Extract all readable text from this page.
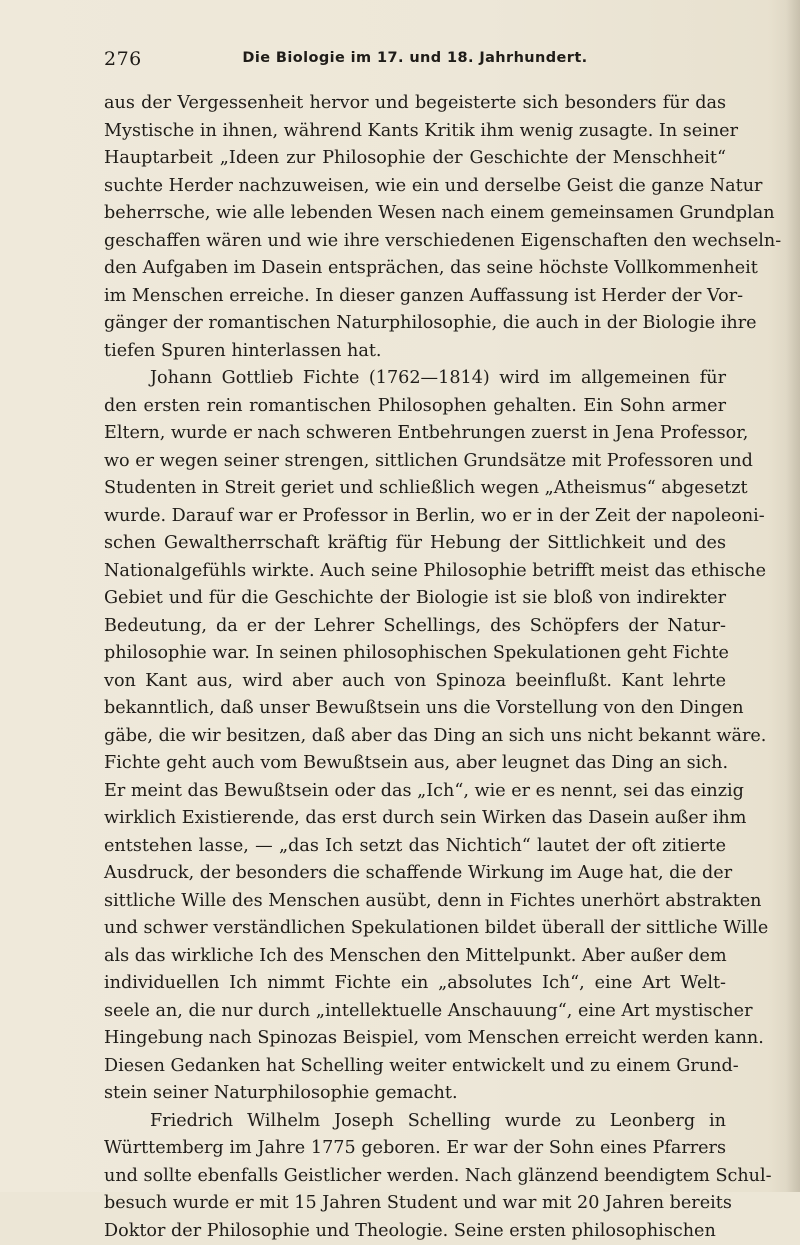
276	Die Biologie im 17. und 18. Jahrhundert.
aus der Vergessenheit hervor und begeisterte sich besonders für das
Mystische in ihnen, während Kants Kritik ihm wenig zusagte. In seiner
Hauptarbeit „Ideen zur Philosophie der Geschichte der Menschheit“
suchte Herder nachzuweisen, wie ein und derselbe Geist die ganze Natur
beherrsche, wie alle lebenden Wesen nach einem gemeinsamen Grundplan
geschaffen wären und wie ihre verschiedenen Eigenschaften den wechseln-
den Aufgaben im Dasein entsprächen, das seine höchste Vollkommenheit
im Menschen erreiche. In dieser ganzen Auffassung ist Herder der Vor-
gänger der romantischen Naturphilosophie, die auch in der Biologie ihre
tiefen Spuren hinterlassen hat.
Johann Gottlieb Fichte (1762—1814) wird im allgemeinen für
den ersten rein romantischen Philosophen gehalten. Ein Sohn armer
Eltern, wurde er nach schweren Entbehrungen zuerst in Jena Professor,
wo er wegen seiner strengen, sittlichen Grundsätze mit Professoren und
Studenten in Streit geriet und schließlich wegen „Atheismus“ abgesetzt
wurde. Darauf war er Professor in Berlin, wo er in der Zeit der napoleoni-
schen Gewaltherrschaft kräftig für Hebung der Sittlichkeit und des
Nationalgefühls wirkte. Auch seine Philosophie betrifft meist das ethische
Gebiet und für die Geschichte der Biologie ist sie bloß von indirekter
Bedeutung, da er der Lehrer Schellings, des Schöpfers der Natur-
philosophie war. In seinen philosophischen Spekulationen geht Fichte
von Kant aus, wird aber auch von Spinoza beeinflußt. Kant lehrte
bekanntlich, daß unser Bewußtsein uns die Vorstellung von den Dingen
gäbe, die wir besitzen, daß aber das Ding an sich uns nicht bekannt wäre.
Fichte geht auch vom Bewußtsein aus, aber leugnet das Ding an sich.
Er meint das Bewußtsein oder das „Ich“, wie er es nennt, sei das einzig
wirklich Existierende, das erst durch sein Wirken das Dasein außer ihm
entstehen lasse, — „das Ich setzt das Nichtich“ lautet der oft zitierte
Ausdruck, der besonders die schaffende Wirkung im Auge hat, die der
sittliche Wille des Menschen ausübt, denn in Fichtes unerhört abstrakten
und schwer verständlichen Spekulationen bildet überall der sittliche Wille
als das wirkliche Ich des Menschen den Mittelpunkt. Aber außer dem
individuellen Ich nimmt Fichte ein „absolutes Ich“, eine Art Welt-
seele an, die nur durch „intellektuelle Anschauung“, eine Art mystischer
Hingebung nach Spinozas Beispiel, vom Menschen erreicht werden kann.
Diesen Gedanken hat Schelling weiter entwickelt und zu einem Grund-
stein seiner Naturphilosophie gemacht.
Friedrich Wilhelm Joseph Schelling wurde zu Leonberg in
Württemberg im Jahre 1775 geboren. Er war der Sohn eines Pfarrers
und sollte ebenfalls Geistlicher werden. Nach glänzend beendigtem Schul-
besuch wurde er mit 15 Jahren Student und war mit 20 Jahren bereits
Doktor der Philosophie und Theologie. Seine ersten philosophischen
